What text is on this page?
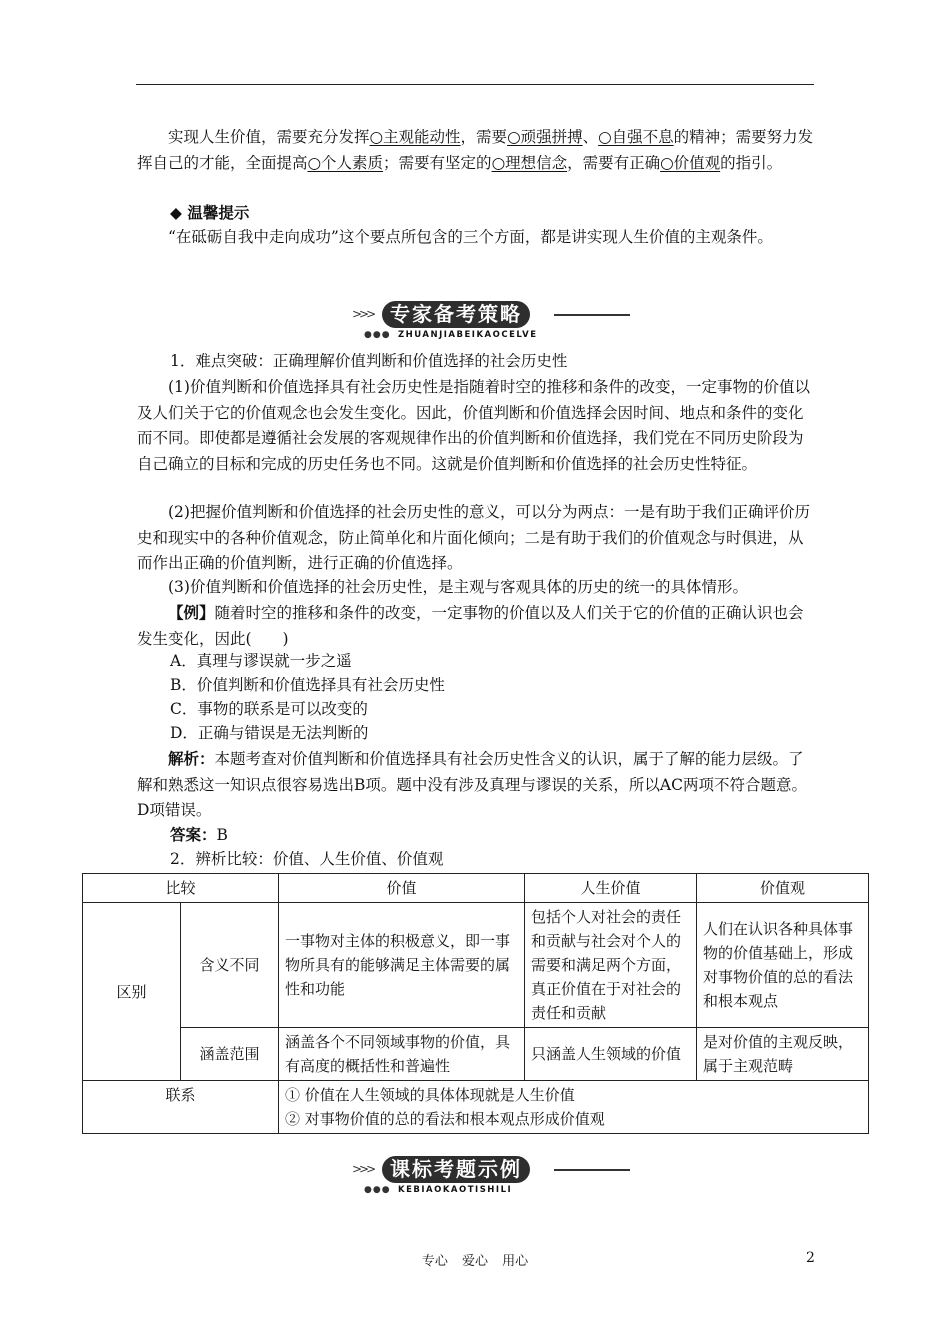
实现人生价值，需要充分发挥○主观能动性，需要○顽强拼搏、○自强不息的精神；需要努力发挥自己的才能，全面提高○个人素质；需要有坚定的○理想信念，需要有正确○价值观的指引。
◆ 温馨提示
“在砥砺自我中走向成功”这个要点所包含的三个方面，都是讲实现人生价值的主观条件。
>>> 专家备考策略
●●● ZHUANJIABEIKAOCELVE
1．难点突破：正确理解价值判断和价值选择的社会历史性
(1)价值判断和价值选择具有社会历史性是指随着时空的推移和条件的改变，一定事物的价值以及人们关于它的价值观念也会发生变化。因此，价值判断和价值选择会因时间、地点和条件的变化而不同。即使都是遵循社会发展的客观规律作出的价值判断和价值选择，我们党在不同历史阶段为自己确立的目标和完成的历史任务也不同。这就是价值判断和价值选择的社会历史性特征。
(2)把握价值判断和价值选择的社会历史性的意义，可以分为两点：一是有助于我们正确评价历史和现实中的各种价值观念，防止简单化和片面化倾向；二是有助于我们的价值观念与时俱进，从而作出正确的价值判断，进行正确的价值选择。
(3)价值判断和价值选择的社会历史性，是主观与客观具体的历史的统一的具体情形。
【例】随着时空的推移和条件的改变，一定事物的价值以及人们关于它的价值的正确认识也会发生变化，因此(　　)
A．真理与谬误就一步之遥
B．价值判断和价值选择具有社会历史性
C．事物的联系是可以改变的
D．正确与错误是无法判断的
解析：本题考查对价值判断和价值选择具有社会历史性含义的认识，属于了解的能力层级。了解和熟悉这一知识点很容易选出B项。题中没有涉及真理与谬误的关系，所以AC两项不符合题意。D项错误。
答案：B
2．辨析比较：价值、人生价值、价值观
比较		价值	人生价值	价值观
区别	含义不同	一事物对主体的积极意义，即一事物所具有的能够满足主体需要的属性和功能	包括个人对社会的责任和贡献与社会对个人的需要和满足两个方面，真正价值在于对社会的责任和贡献	人们在认识各种具体事物的价值基础上，形成对事物价值的总的看法和根本观点
	涵盖范围	涵盖各个不同领域事物的价值，具有高度的概括性和普遍性	只涵盖人生领域的价值	是对价值的主观反映，属于主观范畴
联系		① 价值在人生领域的具体体现就是人生价值
② 对事物价值的总的看法和根本观点形成价值观		
>>> 课标考题示例
●●● KEBIAOKAOTISHILI
专心 爱心 用心	2
